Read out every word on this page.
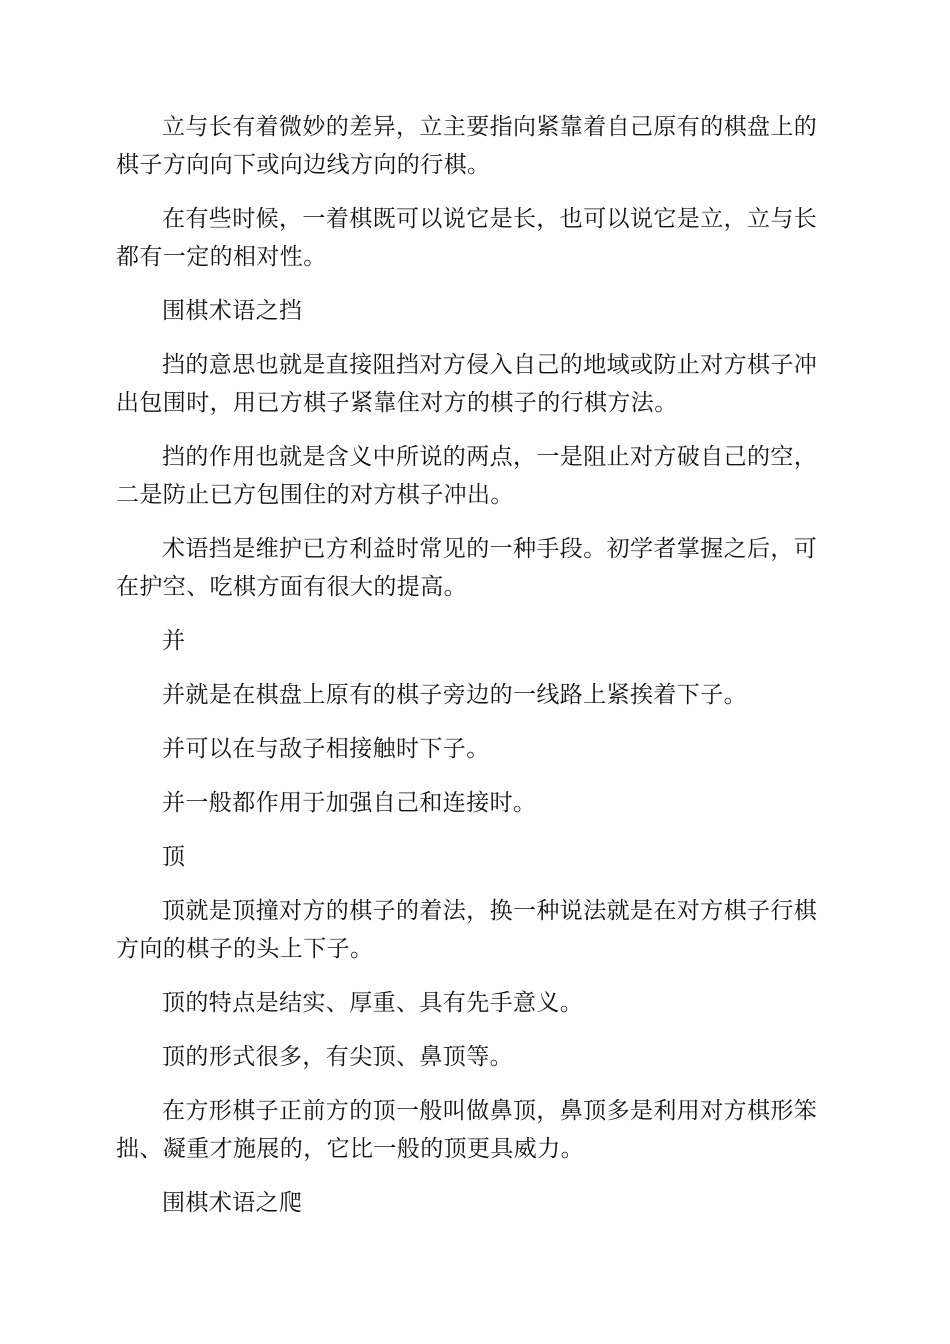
立与长有着微妙的差异，立主要指向紧靠着自己原有的棋盘上的棋子方向向下或向边线方向的行棋。

在有些时候，一着棋既可以说它是长，也可以说它是立，立与长都有一定的相对性。

围棋术语之挡

挡的意思也就是直接阻挡对方侵入自己的地域或防止对方棋子冲出包围时，用已方棋子紧靠住对方的棋子的行棋方法。

挡的作用也就是含义中所说的两点，一是阻止对方破自己的空，二是防止已方包围住的对方棋子冲出。

术语挡是维护已方利益时常见的一种手段。初学者掌握之后，可在护空、吃棋方面有很大的提高。

并

并就是在棋盘上原有的棋子旁边的一线路上紧挨着下子。

并可以在与敌子相接触时下子。

并一般都作用于加强自己和连接时。

顶

顶就是顶撞对方的棋子的着法，换一种说法就是在对方棋子行棋方向的棋子的头上下子。

顶的特点是结实、厚重、具有先手意义。

顶的形式很多，有尖顶、鼻顶等。

在方形棋子正前方的顶一般叫做鼻顶，鼻顶多是利用对方棋形笨拙、凝重才施展的，它比一般的顶更具威力。

围棋术语之爬
